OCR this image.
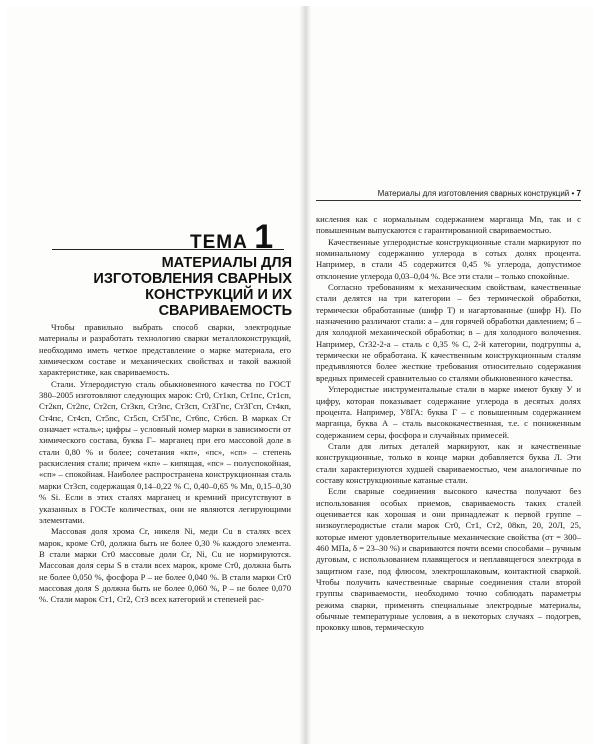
Материалы для изготовления сварных конструкций • 7
ТЕМА 1
МАТЕРИАЛЫ ДЛЯ ИЗГОТОВЛЕНИЯ СВАРНЫХ КОНСТРУКЦИЙ И ИХ СВАРИВАЕМОСТЬ

Чтобы правильно выбрать способ сварки, электродные материалы и разработать технологию сварки металлоконструкций, необходимо иметь четкое представление о марке материала, его химическом составе и механических свойствах и такой важной характеристике, как свариваемость.

Стали. Углеродистую сталь обыкновенного качества по ГОСТ 380–2005 изготовляют следующих марок: Ст0, Ст1кп, Ст1пс, Ст1сп, Ст2кп, Ст2пс, Ст2сп, Ст3кп, Ст3пс, Ст3сп, Ст3Гпс, Ст3Гсп, Ст4кп, Ст4пс, Ст4сп, Ст5пс, Ст5сп, Ст5Гпс, Ст6пс, Ст6сп. В марках Ст означает «сталь»; цифры – условный номер марки в зависимости от химического состава, буква Г– марганец при его массовой доле в стали 0,80 % и более; сочетания «кп», «пс», «сп» – степень раскисления стали; причем «кп» – кипящая, «пс» – полуспокойная, «сп» – спокойная. Наиболее распространена конструкционная сталь марки Ст3сп, содержащая 0,14–0,22 % С, 0,40–0,65 % Mn, 0,15–0,30 % Si. Если в этих сталях марганец и кремний присутствуют в указанных в ГОСТе количествах, они не являются легирующими элементами.

Массовая доля хрома Cr, никеля Ni, меди Cu в сталях всех марок, кроме Ст0, должна быть не более 0,30 % каждого элемента. В стали марки Ст0 массовые доли Cr, Ni, Cu не нормируются. Массовая доля серы S в стали всех марок, кроме Ст0, должна быть не более 0,050 %, фосфора P – не более 0,040 %. В стали марки Ст0 массовая доля S должна быть не более 0,060 %, P – не более 0,070 %. Стали марок Ст1, Ст2, Ст3 всех категорий и степеней рас-

кисления как с нормальным содержанием марганца Mn, так и с повышенным выпускаются с гарантированной свариваемостью.

Качественные углеродистые конструкционные стали маркируют по номинальному содержанию углерода в сотых долях процента. Например, в стали 45 содержится 0,45 % углерода, допустимое отклонение углерода 0,03–0,04 %. Все эти стали – только спокойные.

Согласно требованиям к механическим свойствам, качественные стали делятся на три категории – без термической обработки, термически обработанные (шифр Т) и нагартованные (шифр Н). По назначению различают стали: а – для горячей обработки давлением; б – для холодной механической обработки; в – для холодного волочения. Например, Ст32-2-а – сталь с 0,35 % С, 2-й категории, подгруппы а, термически не обработана. К качественным конструкционным сталям предъявляются более жесткие требования относительно содержания вредных примесей сравнительно со сталями обыкновенного качества.

Углеродистые инструментальные стали в марке имеют букву У и цифру, которая показывает содержание углерода в десятых долях процента. Например, У8ГА: буква Г – с повышенным содержанием марганца, буква А – сталь высококачественная, т.е. с пониженным содержанием серы, фосфора и случайных примесей.

Стали для литых деталей маркируют, как и качественные конструкционные, только в конце марки добавляется буква Л. Эти стали характеризуются худшей свариваемостью, чем аналогичные по составу конструкционные катаные стали.

Если сварные соединения высокого качества получают без использования особых приемов, свариваемость таких сталей оценивается как хорошая и они принадлежат к первой группе – низкоуглеродистые стали марок Ст0, Ст1, Ст2, 08кп, 20, 20Л, 25, которые имеют удовлетворительные механические свойства (σт = 300–460 МПа, δ = 23–30 %) и свариваются почти всеми способами – ручным дуговым, с использованием плавящегося и неплавящегося электрода в защитном газе, под флюсом, электрошлаковым, контактной сваркой. Чтобы получить качественные сварные соединения стали второй группы свариваемости, необходимо точно соблюдать параметры режима сварки, применять специальные электродные материалы, обычные температурные условия, а в некоторых случаях – подогрев, проковку швов, термическую
